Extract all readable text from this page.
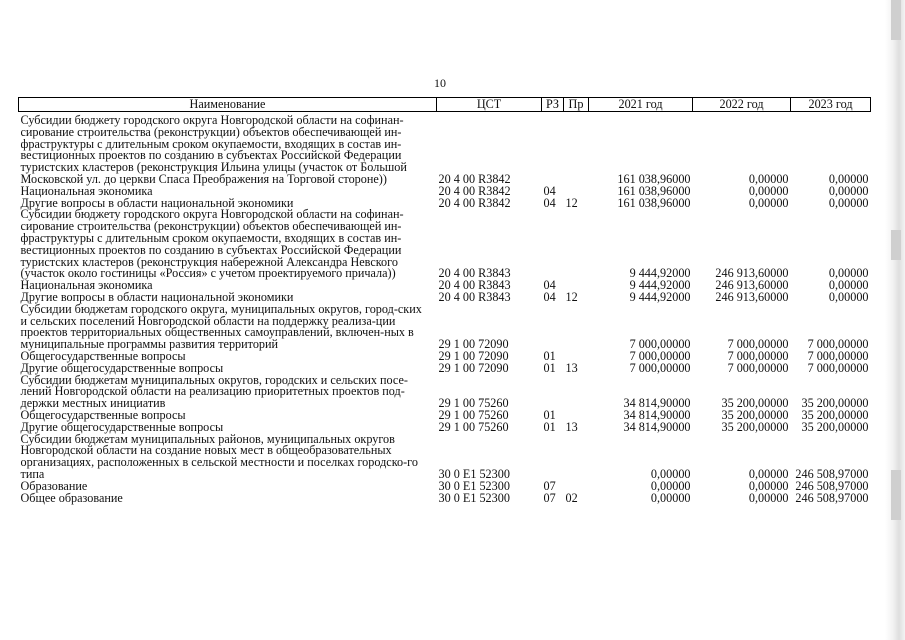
10
Наименование	ЦСТ	РЗ	Пр	2021 год	2022 год	2023 год
Субсидии бюджету городского округа Новгородской области на софинан-сирование строительства (реконструкции) объектов обеспечивающей ин-фраструктуры с длительным сроком окупаемости, входящих в состав ин-вестиционных проектов по созданию в субъектах Российской Федерации туристских кластеров (реконструкция Ильина улицы (участок от Большой Московской ул. до церкви Спаса Преображения на Торговой стороне))	20 4 00 R3842			161 038,96000	0,00000	0,00000
Национальная экономика	20 4 00 R3842	04		161 038,96000	0,00000	0,00000
Другие вопросы в области национальной экономики	20 4 00 R3842	04	12	161 038,96000	0,00000	0,00000
Субсидии бюджету городского округа Новгородской области на софинан-сирование строительства (реконструкции) объектов обеспечивающей ин-фраструктуры с длительным сроком окупаемости, входящих в состав ин-вестиционных проектов по созданию в субъектах Российской Федерации туристских кластеров (реконструкция набережной Александра Невского (участок около гостиницы «Россия» с учетом проектируемого причала))	20 4 00 R3843			9 444,92000	246 913,60000	0,00000
Национальная экономика	20 4 00 R3843	04		9 444,92000	246 913,60000	0,00000
Другие вопросы в области национальной экономики	20 4 00 R3843	04	12	9 444,92000	246 913,60000	0,00000
Субсидии бюджетам городского округа, муниципальных округов, город-ских и сельских поселений Новгородской области на поддержку реализа-ции проектов территориальных общественных самоуправлений, включен-ных в муниципальные программы развития территорий	29 1 00 72090			7 000,00000	7 000,00000	7 000,00000
Общегосударственные вопросы	29 1 00 72090	01		7 000,00000	7 000,00000	7 000,00000
Другие общегосударственные вопросы	29 1 00 72090	01	13	7 000,00000	7 000,00000	7 000,00000
Субсидии бюджетам муниципальных округов, городских и сельских посе-лений Новгородской области на реализацию приоритетных проектов под-держки местных инициатив	29 1 00 75260			34 814,90000	35 200,00000	35 200,00000
Общегосударственные вопросы	29 1 00 75260	01		34 814,90000	35 200,00000	35 200,00000
Другие общегосударственные вопросы	29 1 00 75260	01	13	34 814,90000	35 200,00000	35 200,00000
Субсидии бюджетам муниципальных районов, муниципальных округов Новгородской области на создание новых мест в общеобразовательных организациях, расположенных в сельской местности и поселках городско-го типа	30 0 E1 52300			0,00000	0,00000	246 508,97000
Образование	30 0 E1 52300	07		0,00000	0,00000	246 508,97000
Общее образование	30 0 E1 52300	07	02	0,00000	0,00000	246 508,97000
